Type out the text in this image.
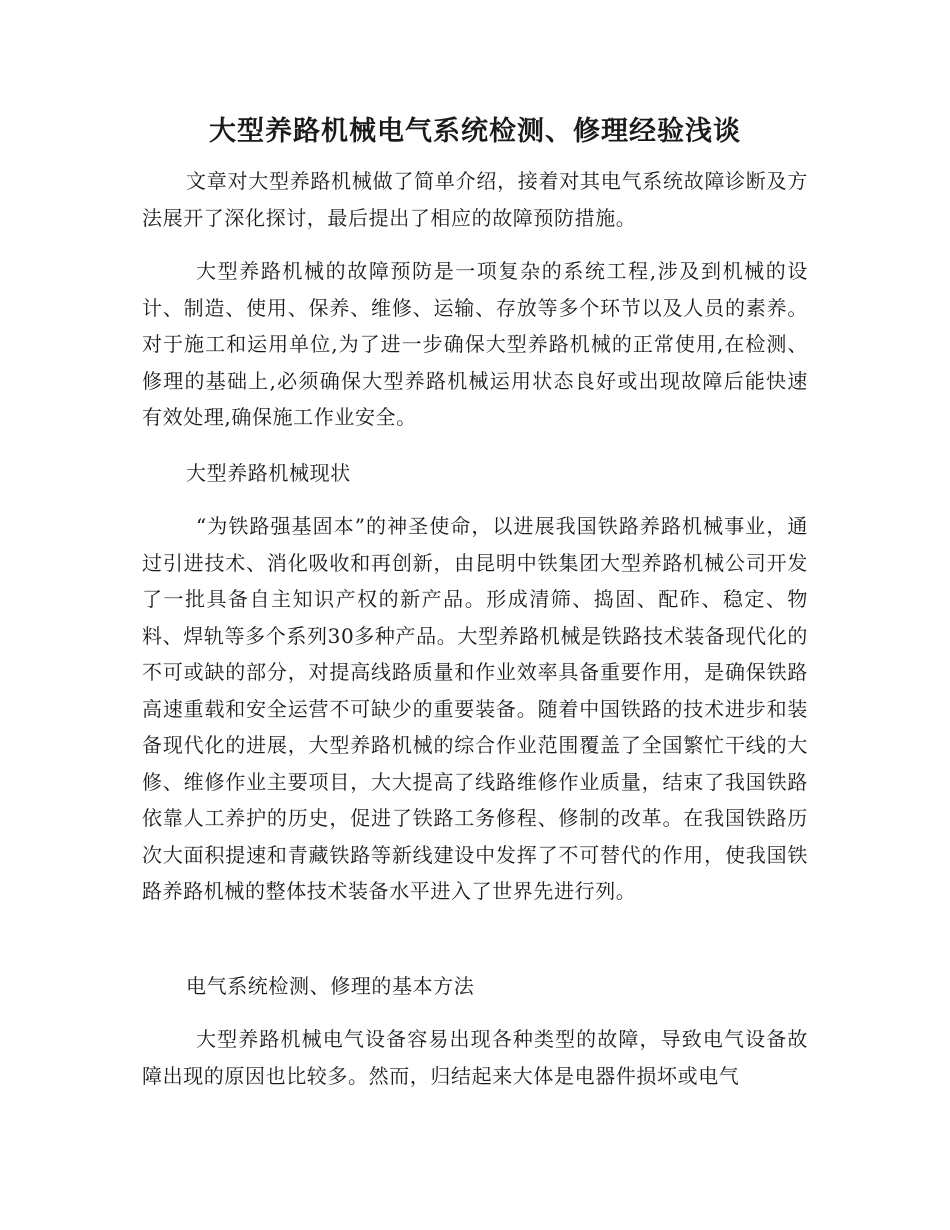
大型养路机械电气系统检测、修理经验浅谈

文章对大型养路机械做了简单介绍，接着对其电气系统故障诊断及方法展开了深化探讨，最后提出了相应的故障预防措施。

大型养路机械的故障预防是一项复杂的系统工程,涉及到机械的设计、制造、使用、保养、维修、运输、存放等多个环节以及人员的素养。对于施工和运用单位,为了进一步确保大型养路机械的正常使用,在检测、修理的基础上,必须确保大型养路机械运用状态良好或出现故障后能快速有效处理,确保施工作业安全。

大型养路机械现状

“为铁路强基固本”的神圣使命，以进展我国铁路养路机械事业，通过引进技术、消化吸收和再创新，由昆明中铁集团大型养路机械公司开发了一批具备自主知识产权的新产品。形成清筛、捣固、配砟、稳定、物料、焊轨等多个系列30多种产品。大型养路机械是铁路技术装备现代化的不可或缺的部分，对提高线路质量和作业效率具备重要作用，是确保铁路高速重载和安全运营不可缺少的重要装备。随着中国铁路的技术进步和装备现代化的进展，大型养路机械的综合作业范围覆盖了全国繁忙干线的大修、维修作业主要项目，大大提高了线路维修作业质量，结束了我国铁路依靠人工养护的历史，促进了铁路工务修程、修制的改革。在我国铁路历次大面积提速和青藏铁路等新线建设中发挥了不可替代的作用，使我国铁路养路机械的整体技术装备水平进入了世界先进行列。

电气系统检测、修理的基本方法

大型养路机械电气设备容易出现各种类型的故障，导致电气设备故障出现的原因也比较多。然而，归结起来大体是电器件损坏或电气
